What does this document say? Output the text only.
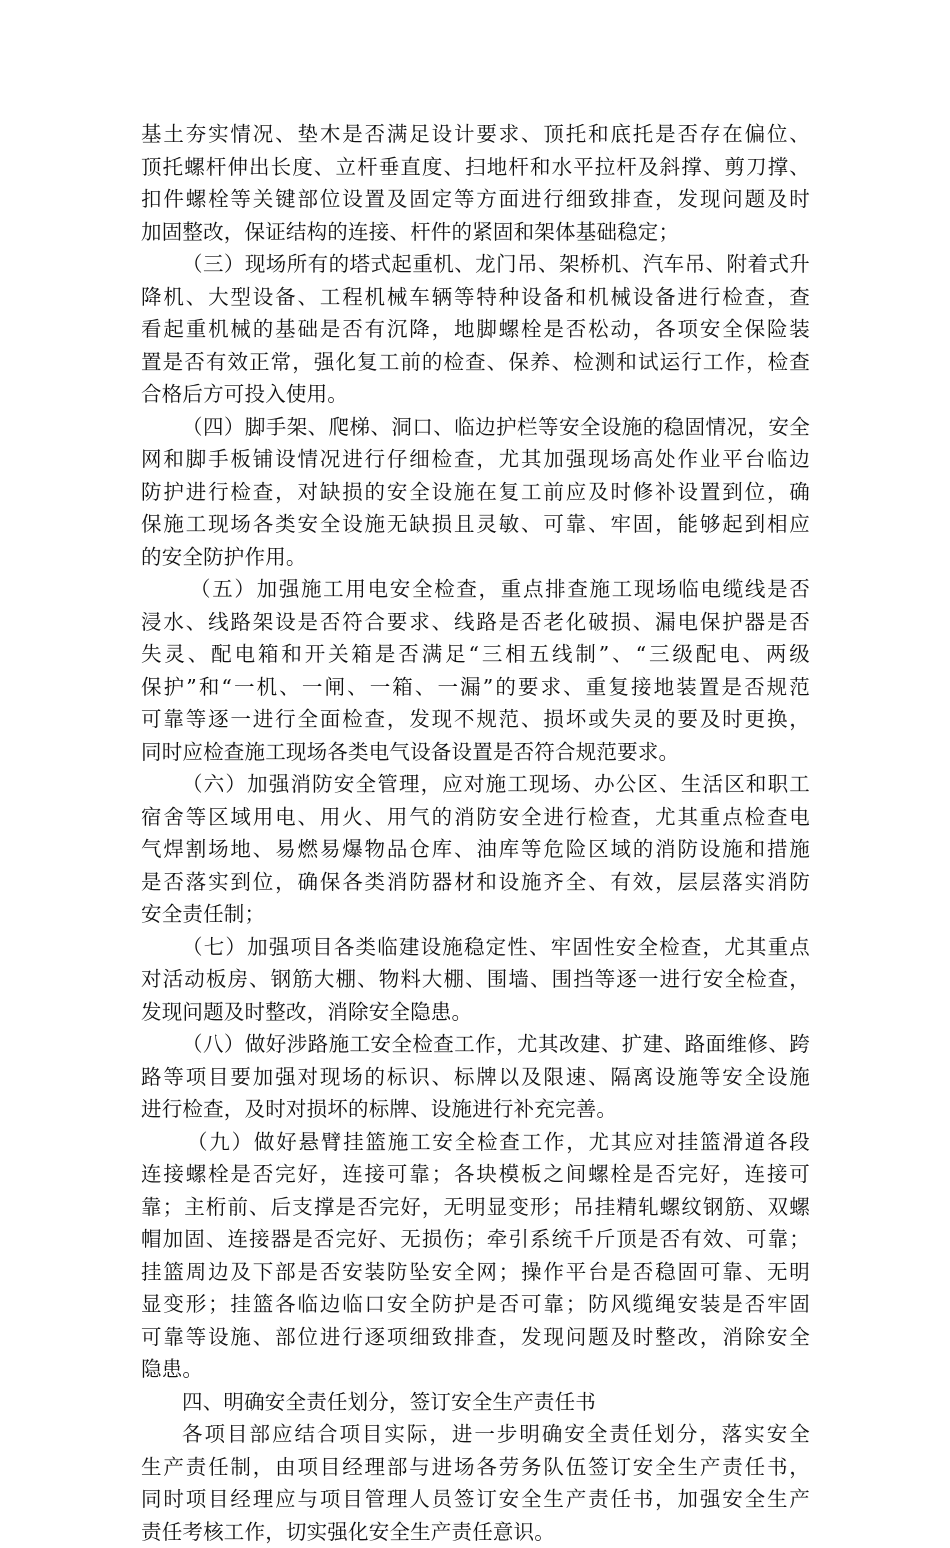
基土夯实情况、垫木是否满足设计要求、顶托和底托是否存在偏位、
顶托螺杆伸出长度、立杆垂直度、扫地杆和水平拉杆及斜撑、剪刀撑、
扣件螺栓等关键部位设置及固定等方面进行细致排查，发现问题及时
加固整改，保证结构的连接、杆件的紧固和架体基础稳定；
（三）现场所有的塔式起重机、龙门吊、架桥机、汽车吊、附着式升
降机、大型设备、工程机械车辆等特种设备和机械设备进行检查，查
看起重机械的基础是否有沉降，地脚螺栓是否松动，各项安全保险装
置是否有效正常，强化复工前的检查、保养、检测和试运行工作，检查
合格后方可投入使用。
（四）脚手架、爬梯、洞口、临边护栏等安全设施的稳固情况，安全
网和脚手板铺设情况进行仔细检查，尤其加强现场高处作业平台临边
防护进行检查，对缺损的安全设施在复工前应及时修补设置到位，确
保施工现场各类安全设施无缺损且灵敏、可靠、牢固，能够起到相应
的安全防护作用。
（五）加强施工用电安全检查，重点排查施工现场临电缆线是否
浸水、线路架设是否符合要求、线路是否老化破损、漏电保护器是否
失灵、配电箱和开关箱是否满足“三相五线制”、“三级配电、两级
保护”和“一机、一闸、一箱、一漏”的要求、重复接地装置是否规范
可靠等逐一进行全面检查，发现不规范、损坏或失灵的要及时更换，
同时应检查施工现场各类电气设备设置是否符合规范要求。
（六）加强消防安全管理，应对施工现场、办公区、生活区和职工
宿舍等区域用电、用火、用气的消防安全进行检查，尤其重点检查电
气焊割场地、易燃易爆物品仓库、油库等危险区域的消防设施和措施
是否落实到位，确保各类消防器材和设施齐全、有效，层层落实消防
安全责任制；
（七）加强项目各类临建设施稳定性、牢固性安全检查，尤其重点
对活动板房、钢筋大棚、物料大棚、围墙、围挡等逐一进行安全检查，
发现问题及时整改，消除安全隐患。
（八）做好涉路施工安全检查工作，尤其改建、扩建、路面维修、跨
路等项目要加强对现场的标识、标牌以及限速、隔离设施等安全设施
进行检查，及时对损坏的标牌、设施进行补充完善。
（九）做好悬臂挂篮施工安全检查工作，尤其应对挂篮滑道各段
连接螺栓是否完好，连接可靠；各块模板之间螺栓是否完好，连接可
靠；主桁前、后支撑是否完好，无明显变形；吊挂精轧螺纹钢筋、双螺
帽加固、连接器是否完好、无损伤；牵引系统千斤顶是否有效、可靠；
挂篮周边及下部是否安装防坠安全网；操作平台是否稳固可靠、无明
显变形；挂篮各临边临口安全防护是否可靠；防风缆绳安装是否牢固
可靠等设施、部位进行逐项细致排查，发现问题及时整改，消除安全
隐患。
四、明确安全责任划分，签订安全生产责任书
各项目部应结合项目实际，进一步明确安全责任划分，落实安全
生产责任制，由项目经理部与进场各劳务队伍签订安全生产责任书，
同时项目经理应与项目管理人员签订安全生产责任书，加强安全生产
责任考核工作，切实强化安全生产责任意识。
